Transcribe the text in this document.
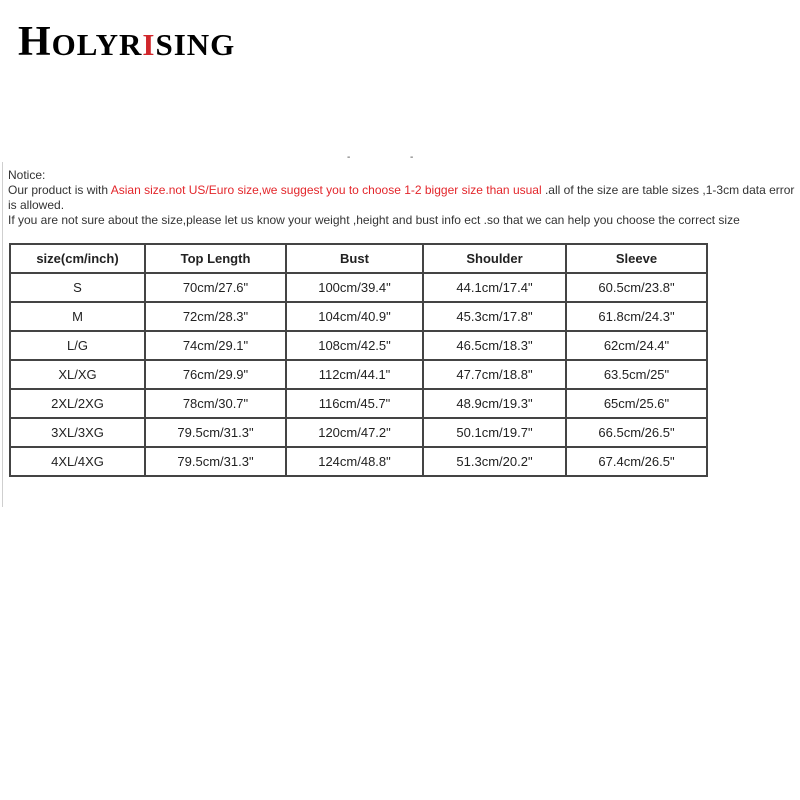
HOLYRISING
-	-
Notice:
Our product is with Asian size.not US/Euro size,we suggest you to choose 1-2 bigger size than usual .all of the size are table sizes ,1-3cm data error is allowed.
If you are not sure about the size,please let us know your weight ,height and bust info ect .so that we can help you choose the correct size
size(cm/inch)	Top Length	Bust	Shoulder	Sleeve
S	70cm/27.6"	100cm/39.4"	44.1cm/17.4"	60.5cm/23.8"
M	72cm/28.3"	104cm/40.9"	45.3cm/17.8"	61.8cm/24.3"
L/G	74cm/29.1"	108cm/42.5"	46.5cm/18.3"	62cm/24.4"
XL/XG	76cm/29.9"	112cm/44.1"	47.7cm/18.8"	63.5cm/25"
2XL/2XG	78cm/30.7"	116cm/45.7"	48.9cm/19.3"	65cm/25.6"
3XL/3XG	79.5cm/31.3"	120cm/47.2"	50.1cm/19.7"	66.5cm/26.5"
4XL/4XG	79.5cm/31.3"	124cm/48.8"	51.3cm/20.2"	67.4cm/26.5"
